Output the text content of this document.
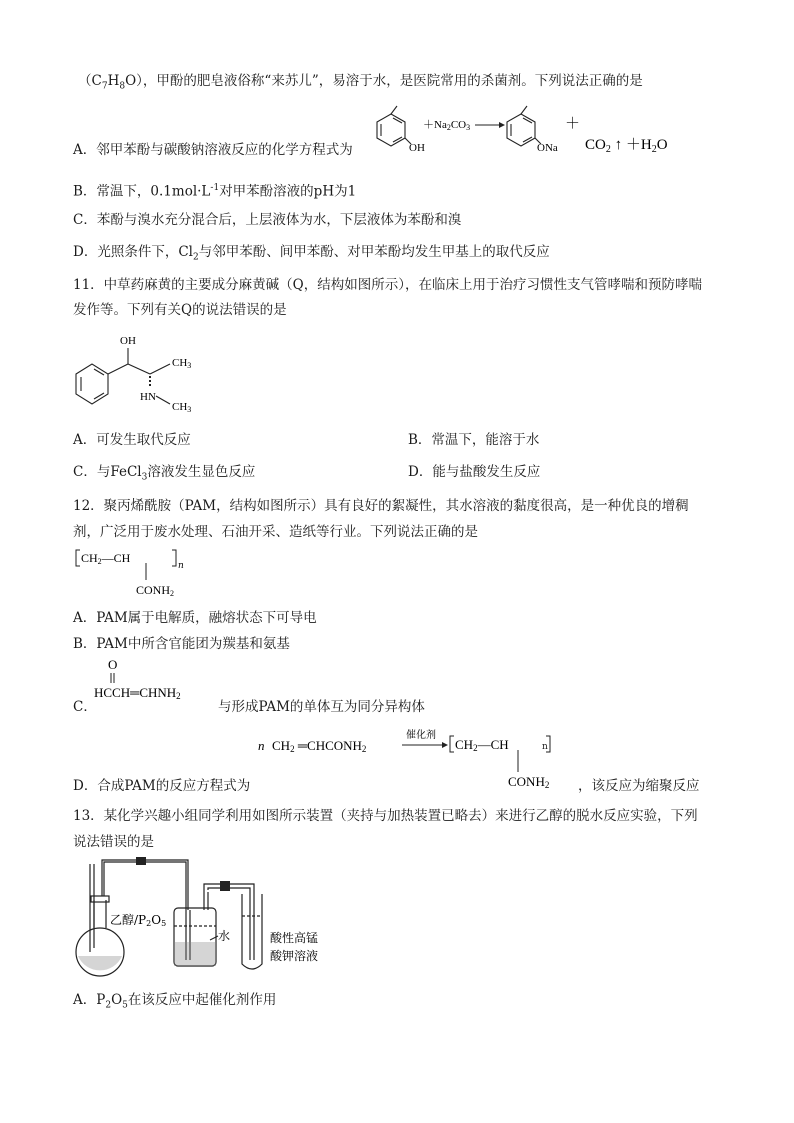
$(C_7H_8O)$，甲酚的肥皂液俗称“来苏儿”，易溶于水，是医院常用的杀菌剂。下列说法正确的是
A．邻甲苯酚与碳酸钠溶液反应的化学方程式为	OH
＋Na2CO3
ONa
＋
$CO_2$ ↑ $+H_2O$
B．常温下，$0.1mol\cdot L^{-1}$对甲苯酚溶液的pH为1
C．苯酚与溴水充分混合后，上层液体为水，下层液体为苯酚和溴
D．光照条件下，$Cl_2$与邻甲苯酚、间甲苯酚、对甲苯酚均发生甲基上的取代反应
11．中草药麻黄的主要成分麻黄碱（Q，结构如图所示），在临床上用于治疗习惯性支气管哮喘和预防哮喘
发作等。下列有关Q的说法错误的是
OH
CH3
HN
CH3
A．可发生取代反应	B．常温下，能溶于水
C．与FeCl$_3$溶液发生显色反应	D．能与盐酸发生反应
12．聚丙烯酰胺（PAM，结构如图所示）具有良好的絮凝性，其水溶液的黏度很高，是一种优良的增稠
剂，广泛用于废水处理、石油开采、造纸等行业。下列说法正确的是
CH2—CH
n
CONH2
A．PAM属于电解质，融熔状态下可导电
B．PAM中所含官能团为羰基和氨基
O
HCCH═CHNH2
C．	与形成PAM的单体互为同分异构体
n CH2 ═CHCONH2
催化剂
CH2—CH
CONH2
n
D．合成PAM的反应方程式为	，该反应为缩聚反应
13．某化学兴趣小组同学利用如图所示装置（夹持与加热装置已略去）来进行乙醇的脱水反应实验，下列
说法错误的是
乙醇/P2O5
水	酸性高锰
酸钾溶液
A．$P_2O_5$在该反应中起催化剂作用
